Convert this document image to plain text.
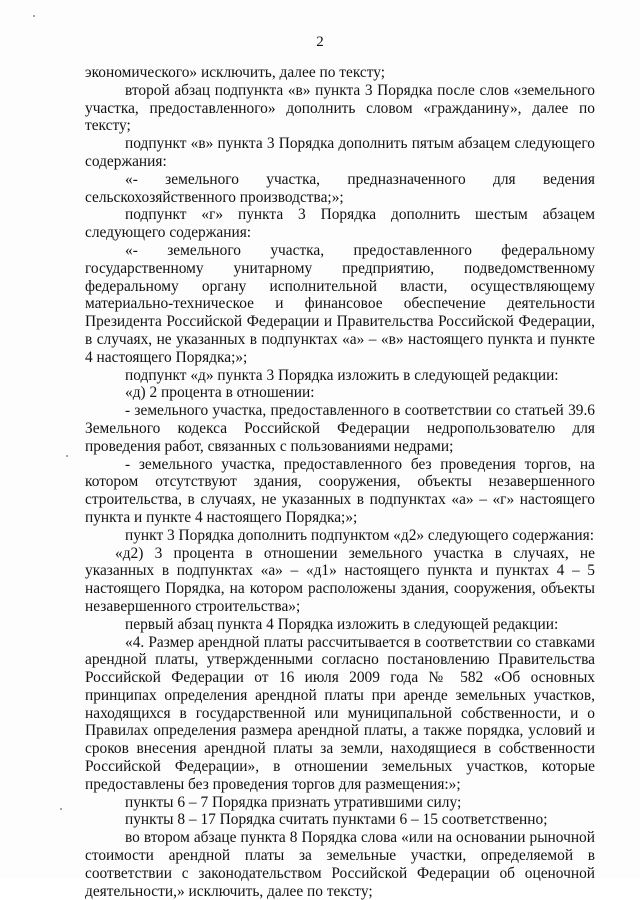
2

экономического» исключить, далее по тексту;

второй абзац подпункта «в» пункта 3 Порядка после слов «земельного участка, предоставленного» дополнить словом «гражданину», далее по тексту;

подпункт «в» пункта 3 Порядка дополнить пятым абзацем следующего содержания:

«- земельного участка, предназначенного для ведения сельскохозяйственного производства;»;

подпункт «г» пункта 3 Порядка дополнить шестым абзацем следующего содержания:

«- земельного участка, предоставленного федеральному государственному унитарному предприятию, подведомственному федеральному органу исполнительной власти, осуществляющему материально-техническое и финансовое обеспечение деятельности Президента Российской Федерации и Правительства Российской Федерации, в случаях, не указанных в подпунктах «а» – «в» настоящего пункта и пункте 4 настоящего Порядка;»;

подпункт «д» пункта 3 Порядка изложить в следующей редакции:

«д) 2 процента в отношении:

- земельного участка, предоставленного в соответствии со статьей 39.6 Земельного кодекса Российской Федерации недропользователю для проведения работ, связанных с пользованиями недрами;

- земельного участка, предоставленного без проведения торгов, на котором отсутствуют здания, сооружения, объекты незавершенного строительства, в случаях, не указанных в подпунктах «а» – «г» настоящего пункта и пункте 4 настоящего Порядка;»;

пункт 3 Порядка дополнить подпунктом «д2» следующего содержания:

«д2) 3 процента в отношении земельного участка в случаях, не указанных в подпунктах «а» – «д1» настоящего пункта и пунктах 4 – 5 настоящего Порядка, на котором расположены здания, сооружения, объекты незавершенного строительства»;

первый абзац пункта 4 Порядка изложить в следующей редакции:

«4. Размер арендной платы рассчитывается в соответствии со ставками арендной платы, утвержденными согласно постановлению Правительства Российской Федерации от 16 июля 2009 года № 582 «Об основных принципах определения арендной платы при аренде земельных участков, находящихся в государственной или муниципальной собственности, и о Правилах определения размера арендной платы, а также порядка, условий и сроков внесения арендной платы за земли, находящиеся в собственности Российской Федерации», в отношении земельных участков, которые предоставлены без проведения торгов для размещения:»;

пункты 6 – 7 Порядка признать утратившими силу;

пункты 8 – 17 Порядка считать пунктами 6 – 15 соответственно;

во втором абзаце пункта 8 Порядка слова «или на основании рыночной стоимости арендной платы за земельные участки, определяемой в соответствии с законодательством Российской Федерации об оценочной деятельности,» исключить, далее по тексту;
